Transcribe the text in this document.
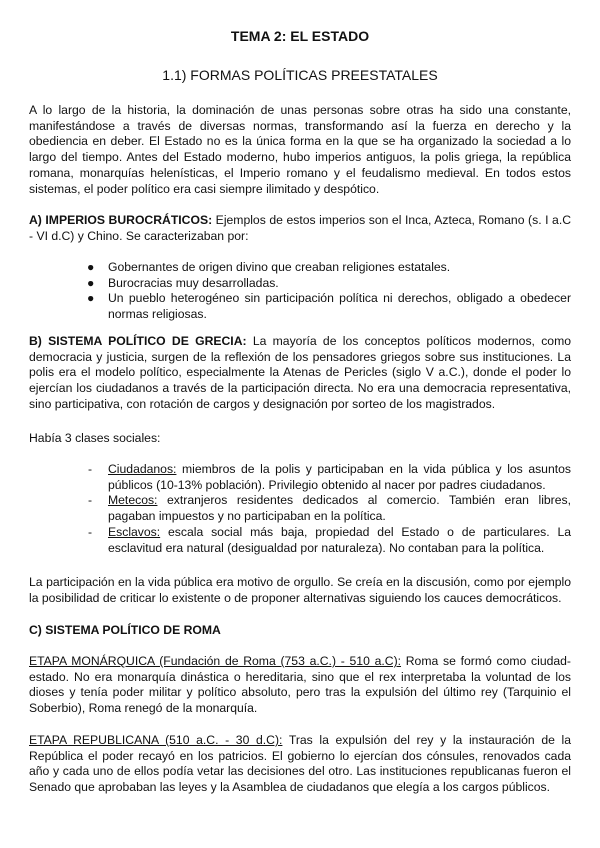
TEMA 2: EL ESTADO
1.1) FORMAS POLÍTICAS PREESTATALES

A lo largo de la historia, la dominación de unas personas sobre otras ha sido una constante, manifestándose a través de diversas normas, transformando así la fuerza en derecho y la obediencia en deber. El Estado no es la única forma en la que se ha organizado la sociedad a lo largo del tiempo. Antes del Estado moderno, hubo imperios antiguos, la polis griega, la república romana, monarquías helenísticas, el Imperio romano y el feudalismo medieval. En todos estos sistemas, el poder político era casi siempre ilimitado y despótico.

A) IMPERIOS BUROCRÁTICOS: Ejemplos de estos imperios son el Inca, Azteca, Romano (s. I a.C - VI d.C) y Chino. Se caracterizaban por:

● Gobernantes de origen divino que creaban religiones estatales.
● Burocracias muy desarrolladas.
● Un pueblo heterogéneo sin participación política ni derechos, obligado a obedecer normas religiosas.

B) SISTEMA POLÍTICO DE GRECIA: La mayoría de los conceptos políticos modernos, como democracia y justicia, surgen de la reflexión de los pensadores griegos sobre sus instituciones. La polis era el modelo político, especialmente la Atenas de Pericles (siglo V a.C.), donde el poder lo ejercían los ciudadanos a través de la participación directa. No era una democracia representativa, sino participativa, con rotación de cargos y designación por sorteo de los magistrados.

Había 3 clases sociales:

- Ciudadanos: miembros de la polis y participaban en la vida pública y los asuntos públicos (10-13% población). Privilegio obtenido al nacer por padres ciudadanos.
- Metecos: extranjeros residentes dedicados al comercio. También eran libres, pagaban impuestos y no participaban en la política.
- Esclavos: escala social más baja, propiedad del Estado o de particulares. La esclavitud era natural (desigualdad por naturaleza). No contaban para la política.

La participación en la vida pública era motivo de orgullo. Se creía en la discusión, como por ejemplo la posibilidad de criticar lo existente o de proponer alternativas siguiendo los cauces democráticos.

C) SISTEMA POLÍTICO DE ROMA

ETAPA MONÁRQUICA (Fundación de Roma (753 a.C.) - 510 a.C): Roma se formó como ciudad-estado. No era monarquía dinástica o hereditaria, sino que el rex interpretaba la voluntad de los dioses y tenía poder militar y político absoluto, pero tras la expulsión del último rey (Tarquinio el Soberbio), Roma renegó de la monarquía.

ETAPA REPUBLICANA (510 a.C. - 30 d.C): Tras la expulsión del rey y la instauración de la República el poder recayó en los patricios. El gobierno lo ejercían dos cónsules, renovados cada año y cada uno de ellos podía vetar las decisiones del otro. Las instituciones republicanas fueron el Senado que aprobaban las leyes y la Asamblea de ciudadanos que elegía a los cargos públicos.
